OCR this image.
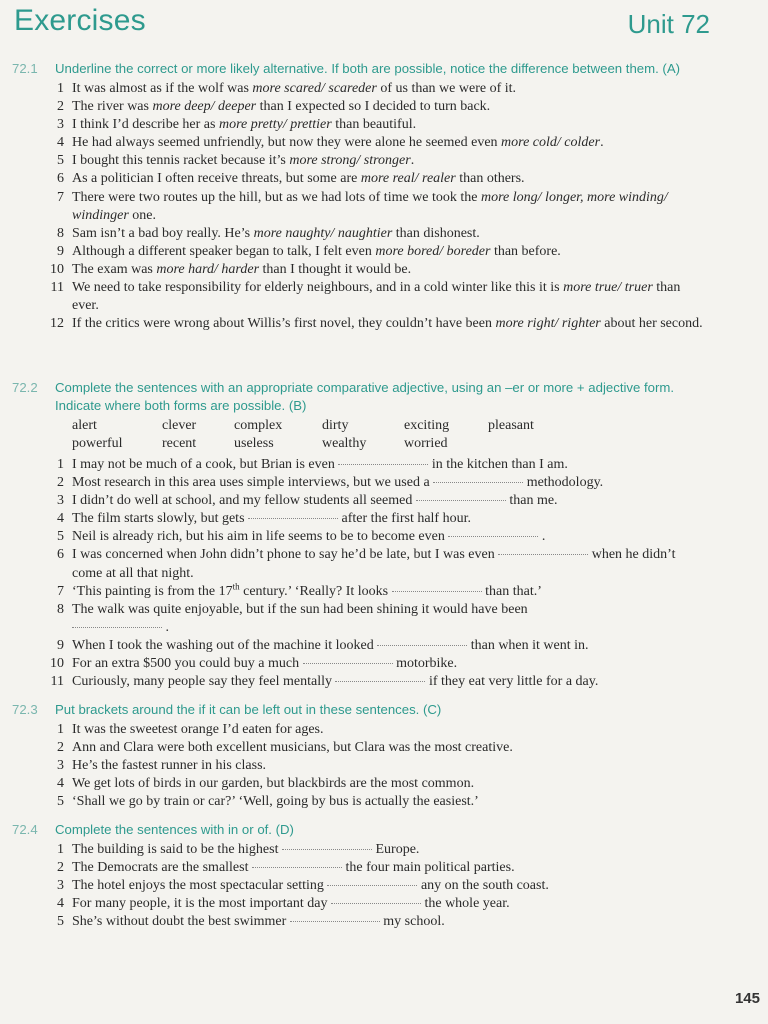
Exercises	Unit 72
72.1 Underline the correct or more likely alternative. If both are possible, notice the difference between them. (A)
1 It was almost as if the wolf was more scared/ scareder of us than we were of it.
2 The river was more deep/ deeper than I expected so I decided to turn back.
3 I think I’d describe her as more pretty/ prettier than beautiful.
4 He had always seemed unfriendly, but now they were alone he seemed even more cold/ colder.
5 I bought this tennis racket because it’s more strong/ stronger.
6 As a politician I often receive threats, but some are more real/ realer than others.
7 There were two routes up the hill, but as we had lots of time we took the more long/ longer, more winding/ windinger one.
8 Sam isn’t a bad boy really. He’s more naughty/ naughtier than dishonest.
9 Although a different speaker began to talk, I felt even more bored/ boreder than before.
10 The exam was more hard/ harder than I thought it would be.
11 We need to take responsibility for elderly neighbours, and in a cold winter like this it is more true/ truer than ever.
12 If the critics were wrong about Willis’s first novel, they couldn’t have been more right/ righter about her second.
72.2 Complete the sentences with an appropriate comparative adjective, using an –er or more + adjective form. Indicate where both forms are possible. (B)
alert	clever	complex	dirty	exciting	pleasant
powerful	recent	useless	wealthy	worried
1 I may not be much of a cook, but Brian is even	in the kitchen than I am.
2 Most research in this area uses simple interviews, but we used a	methodology.
3 I didn’t do well at school, and my fellow students all seemed	than me.
4 The film starts slowly, but gets	after the first half hour.
5 Neil is already rich, but his aim in life seems to be to become even	.
6 I was concerned when John didn’t phone to say he’d be late, but I was even	when he didn’t come at all that night.
7 ‘This painting is from the 17th century.’ ‘Really? It looks	than that.’
8 The walk was quite enjoyable, but if the sun had been shining it would have been
.
9 When I took the washing out of the machine it looked	than when it went in.
10 For an extra $500 you could buy a much	motorbike.
11 Curiously, many people say they feel mentally	if they eat very little for a day.
72.3 Put brackets around the if it can be left out in these sentences. (C)
1 It was the sweetest orange I’d eaten for ages.
2 Ann and Clara were both excellent musicians, but Clara was the most creative.
3 He’s the fastest runner in his class.
4 We get lots of birds in our garden, but blackbirds are the most common.
5 ‘Shall we go by train or car?’ ‘Well, going by bus is actually the easiest.’
72.4 Complete the sentences with in or of. (D)
1 The building is said to be the highest	Europe.
2 The Democrats are the smallest	the four main political parties.
3 The hotel enjoys the most spectacular setting	any on the south coast.
4 For many people, it is the most important day	the whole year.
5 She’s without doubt the best swimmer	my school.
145
